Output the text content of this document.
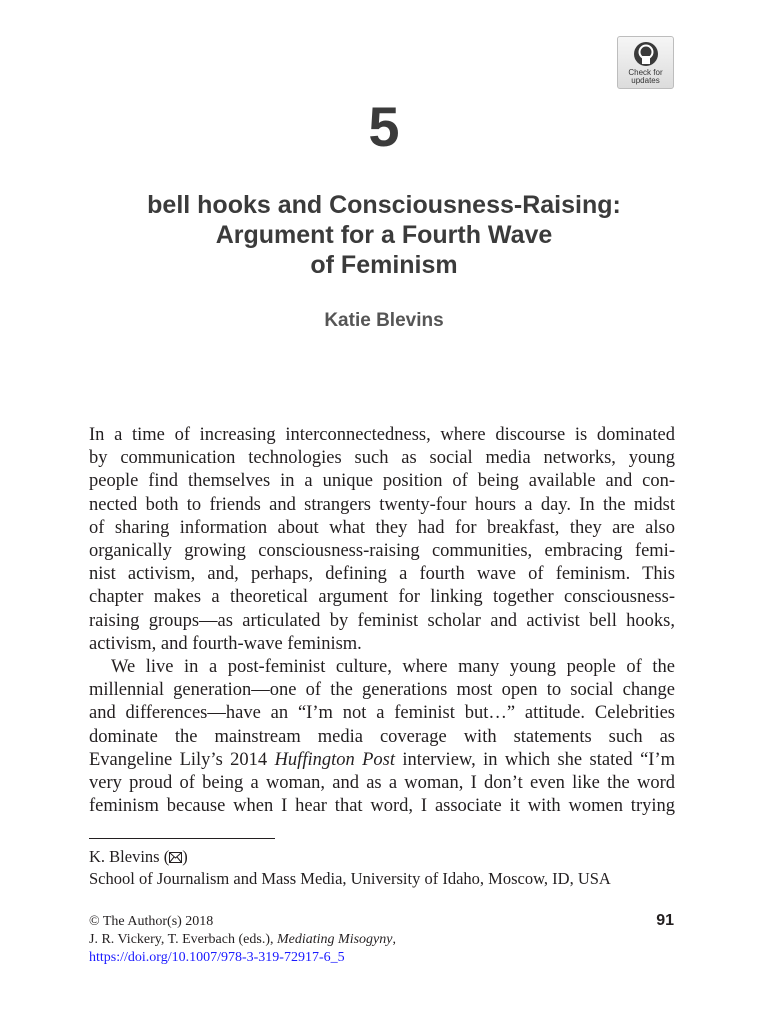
Check for updates
5
bell hooks and Consciousness-Raising:
Argument for a Fourth Wave
of Feminism
Katie Blevins
In a time of increasing interconnectedness, where discourse is dominated
by communication technologies such as social media networks, young
people find themselves in a unique position of being available and con-
nected both to friends and strangers twenty-four hours a day. In the midst
of sharing information about what they had for breakfast, they are also
organically growing consciousness-raising communities, embracing femi-
nist activism, and, perhaps, defining a fourth wave of feminism. This
chapter makes a theoretical argument for linking together consciousness-
raising groups—as articulated by feminist scholar and activist bell hooks,
activism, and fourth-wave feminism.
We live in a post-feminist culture, where many young people of the
millennial generation—one of the generations most open to social change
and differences—have an “I’m not a feminist but…” attitude. Celebrities
dominate the mainstream media coverage with statements such as
Evangeline Lily’s 2014 Huffington Post interview, in which she stated “I’m
very proud of being a woman, and as a woman, I don’t even like the word
feminism because when I hear that word, I associate it with women trying
K. Blevins ( )
School of Journalism and Mass Media, University of Idaho, Moscow, ID, USA
© The Author(s) 2018
J. R. Vickery, T. Everbach (eds.), Mediating Misogyny,
https://doi.org/10.1007/978-3-319-72917-6_5
91
